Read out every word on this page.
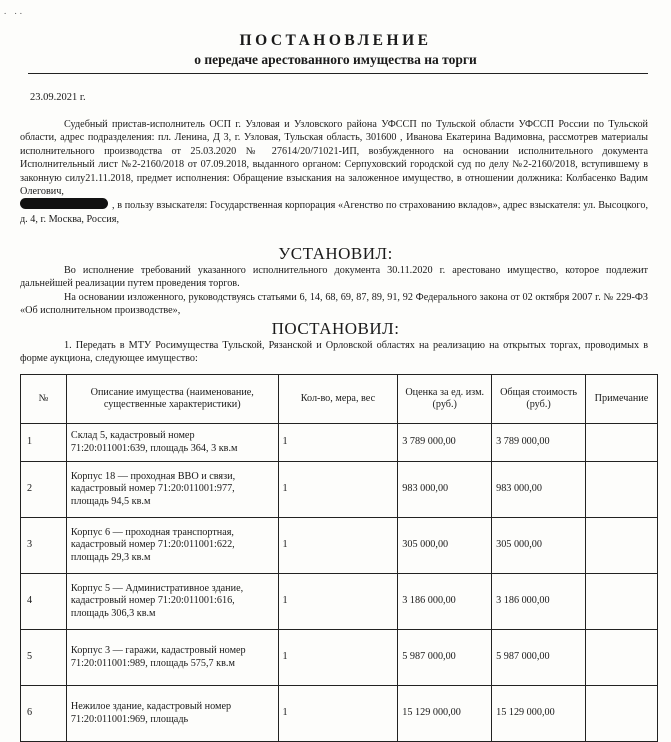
. ..
ПОСТАНОВЛЕНИЕ
о передаче арестованного имущества на торги
23.09.2021 г.
Судебный пристав-исполнитель ОСП г. Узловая и Узловского района УФССП по Тульской области УФССП России по Тульской области, адрес подразделения: пл. Ленина, Д 3, г. Узловая, Тульская область, 301600 , Иванова Екатерина Вадимовна, рассмотрев материалы исполнительного производства от 25.03.2020 № 27614/20/71021-ИП, возбужденного на основании исполнительного документа Исполнительный лист №2-2160/2018 от 07.09.2018, выданного органом: Серпуховский городской суд по делу №2-2160/2018, вступившему в законную силу21.11.2018, предмет исполнения: Обращение взыскания на заложенное имущество, в отношении должника: Колбасенко Вадим Олегович,
, в пользу взыскателя: Государственная корпорация «Агенство по страхованию вкладов», адрес взыскателя: ул. Высоцкого, д. 4, г. Москва, Россия,
УСТАНОВИЛ:
Во исполнение требований указанного исполнительного документа 30.11.2020 г. арестовано имущество, которое подлежит дальнейшей реализации путем проведения торгов.
На основании изложенного, руководствуясь статьями 6, 14, 68, 69, 87, 89, 91, 92 Федерального закона от 02 октября 2007 г. № 229-ФЗ «Об исполнительном производстве»,
ПОСТАНОВИЛ:
1. Передать в МТУ Росимущества Тульской, Рязанской и Орловской областях на реализацию на открытых торгах, проводимых в форме аукциона, следующее имущество:
№	Описание имущества (наименование, существенные характеристики)	Кол-во, мера, вес	Оценка за ед. изм. (руб.)	Общая стоимость (руб.)	Примечание
1	Склад 5, кадастровый номер 71:20:011001:639, площадь 364, 3 кв.м	1	3 789 000,00	3 789 000,00	
2	Корпус 18 — проходная ВВО и связи, кадастровый номер 71:20:011001:977, площадь 94,5 кв.м	1	983 000,00	983 000,00	
3	Корпус 6 — проходная транспортная, кадастровый номер 71:20:011001:622, площадь 29,3 кв.м	1	305 000,00	305 000,00	
4	Корпус 5 — Административное здание, кадастровый номер 71:20:011001:616, площадь 306,3 кв.м	1	3 186 000,00	3 186 000,00	
5	Корпус 3 — гаражи, кадастровый номер 71:20:011001:989, площадь 575,7 кв.м	1	5 987 000,00	5 987 000,00	
6	Нежилое здание, кадастровый номер 71:20:011001:969, площадь	1	15 129 000,00	15 129 000,00	
